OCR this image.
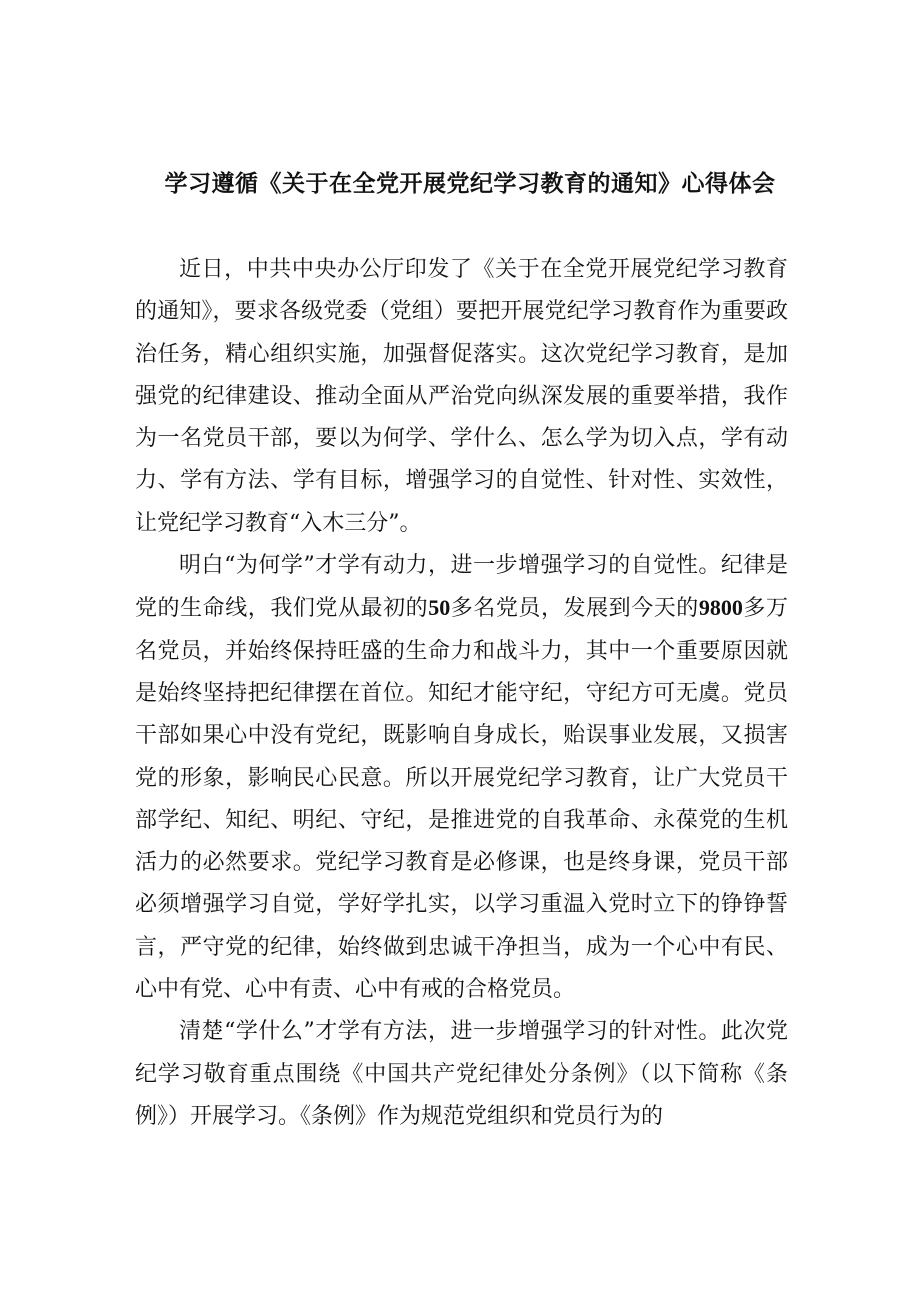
学习遵循《关于在全党开展党纪学习教育的通知》心得体会

近日，中共中央办公厅印发了《关于在全党开展党纪学习教育的通知》，要求各级党委（党组）要把开展党纪学习教育作为重要政治任务，精心组织实施，加强督促落实。这次党纪学习教育，是加强党的纪律建设、推动全面从严治党向纵深发展的重要举措，我作为一名党员干部，要以为何学、学什么、怎么学为切入点，学有动力、学有方法、学有目标，增强学习的自觉性、针对性、实效性，让党纪学习教育“入木三分”。

明白“为何学”才学有动力，进一步增强学习的自觉性。纪律是党的生命线，我们党从最初的50多名党员，发展到今天的9800多万名党员，并始终保持旺盛的生命力和战斗力，其中一个重要原因就是始终坚持把纪律摆在首位。知纪才能守纪，守纪方可无虞。党员干部如果心中没有党纪，既影响自身成长，贻误事业发展，又损害党的形象，影响民心民意。所以开展党纪学习教育，让广大党员干部学纪、知纪、明纪、守纪，是推进党的自我革命、永葆党的生机活力的必然要求。党纪学习教育是必修课，也是终身课，党员干部必须增强学习自觉，学好学扎实，以学习重温入党时立下的铮铮誓言，严守党的纪律，始终做到忠诚干净担当，成为一个心中有民、心中有党、心中有责、心中有戒的合格党员。

清楚“学什么”才学有方法，进一步增强学习的针对性。此次党纪学习敬育重点围绕《中国共产党纪律处分条例》（以下简称《条例》）开展学习。《条例》作为规范党组织和党员行为的
